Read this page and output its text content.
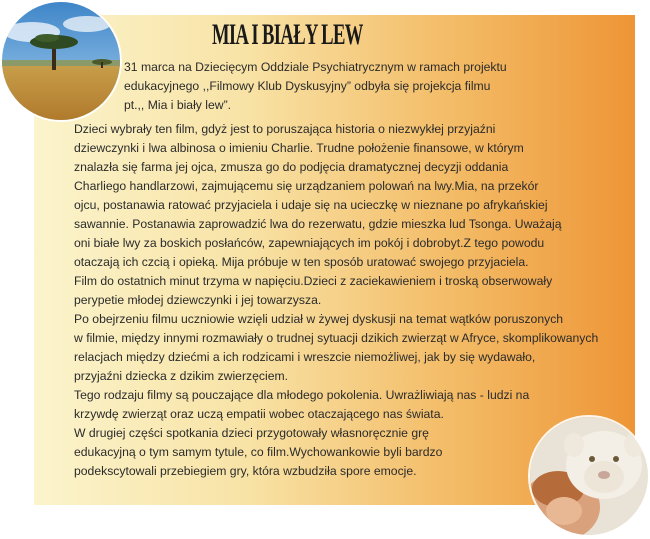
MIA I BIAŁY LEW
31 marca na Dziecięcym Oddziale Psychiatrycznym w ramach projektu
edukacyjnego ,,Filmowy Klub Dyskusyjny” odbyła się projekcja filmu
pt.,, Mia i biały lew”.
Dzieci wybrały ten film, gdyż jest to poruszająca historia o niezwykłej przyjaźni
dziewczynki i lwa albinosa o imieniu Charlie. Trudne położenie finansowe, w którym
znalazła się farma jej ojca, zmusza go do podjęcia dramatycznej decyzji oddania
Charliego handlarzowi, zajmującemu się urządzaniem polowań na lwy.Mia, na przekór
ojcu, postanawia ratować przyjaciela i udaje się na ucieczkę w nieznane po afrykańskiej
sawannie. Postanawia zaprowadzić lwa do rezerwatu, gdzie mieszka lud Tsonga. Uważają
oni białe lwy za boskich posłańców, zapewniających im pokój i dobrobyt.Z tego powodu
otaczają ich czcią i opieką. Mija próbuje w ten sposób uratować swojego przyjaciela.
Film do ostatnich minut trzyma w napięciu.Dzieci z zaciekawieniem i troską obserwowały
perypetie młodej dziewczynki i jej towarzysza.
Po obejrzeniu filmu uczniowie wzięli udział w żywej dyskusji na temat wątków poruszonych
w filmie, między innymi rozmawiały o trudnej sytuacji dzikich zwierząt w Afryce, skomplikowanych
relacjach między dziećmi a ich rodzicami i wreszcie niemożliwej, jak by się wydawało,
przyjaźni dziecka z dzikim zwierzęciem.
Tego rodzaju filmy są pouczające dla młodego pokolenia. Uwrażliwiają nas - ludzi na
krzywdę zwierząt oraz uczą empatii wobec otaczającego nas świata.
W drugiej części spotkania dzieci przygotowały własnoręcznie grę
edukacyjną o tym samym tytule, co film.Wychowankowie byli bardzo
podekscytowali przebiegiem gry, która wzbudziła spore emocje.
